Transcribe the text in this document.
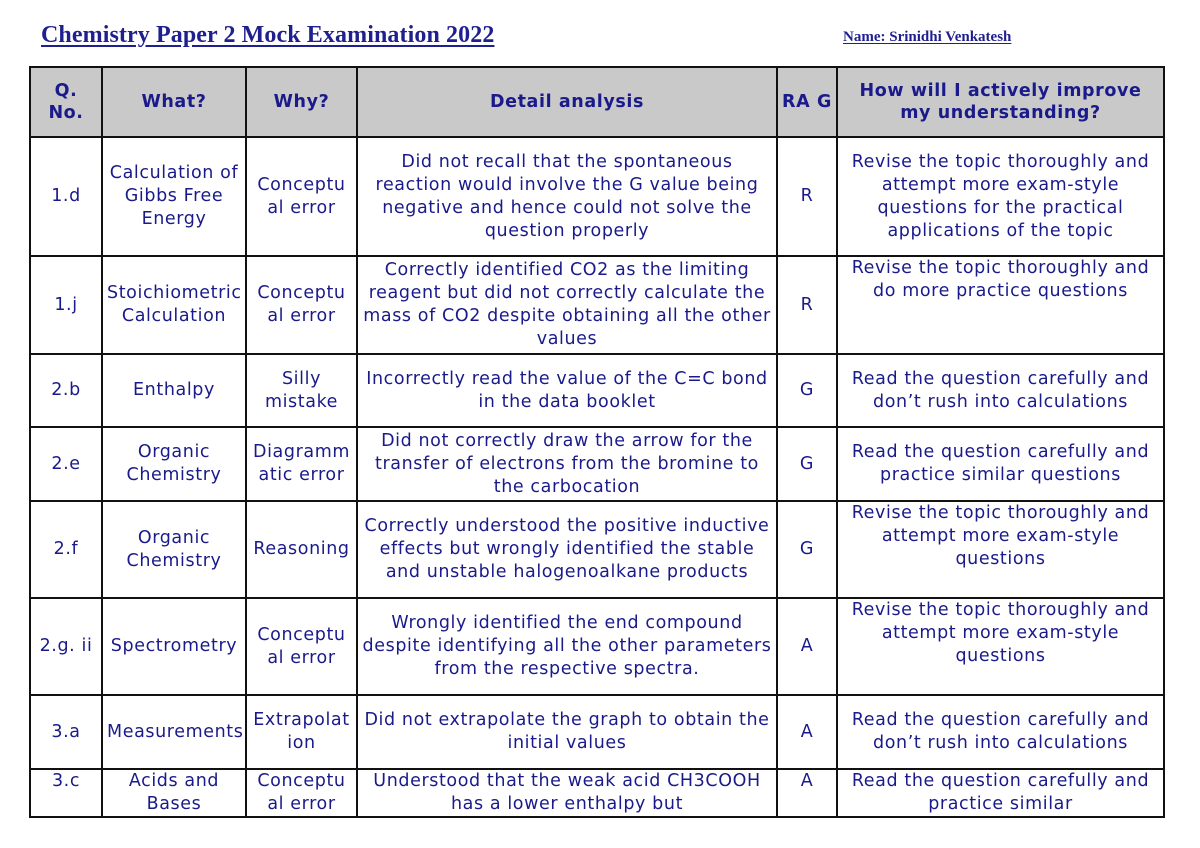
Chemistry Paper 2 Mock Examination 2022	Name: Srinidhi Venkatesh
Q. No.	What?	Why?	Detail analysis	RA G	How will I actively improve my understanding?
1.d	Calculation of Gibbs Free Energy	Conceptu al error	Did not recall that the spontaneous reaction would involve the G value being negative and hence could not solve the question properly	R	Revise the topic thoroughly and attempt more exam-style questions for the practical applications of the topic
1.j	Stoichiometric Calculation	Conceptu al error	Correctly identified CO2 as the limiting reagent but did not correctly calculate the mass of CO2 despite obtaining all the other values	R	Revise the topic thoroughly and do more practice questions
2.b	Enthalpy	Silly mistake	Incorrectly read the value of the C=C bond in the data booklet	G	Read the question carefully and don’t rush into calculations
2.e	Organic Chemistry	Diagramm atic error	Did not correctly draw the arrow for the transfer of electrons from the bromine to the carbocation	G	Read the question carefully and practice similar questions
2.f	Organic Chemistry	Reasoning	Correctly understood the positive inductive effects but wrongly identified the stable and unstable halogenoalkane products	G	Revise the topic thoroughly and attempt more exam-style questions
2.g. ii	Spectrometry	Conceptu al error	Wrongly identified the end compound despite identifying all the other parameters from the respective spectra.	A	Revise the topic thoroughly and attempt more exam-style questions
3.a	Measurements	Extrapolat ion	Did not extrapolate the graph to obtain the initial values	A	Read the question carefully and don’t rush into calculations
3.c	Acids and Bases	Conceptu al error	Understood that the weak acid CH3COOH has a lower enthalpy but	A	Read the question carefully and practice similar
